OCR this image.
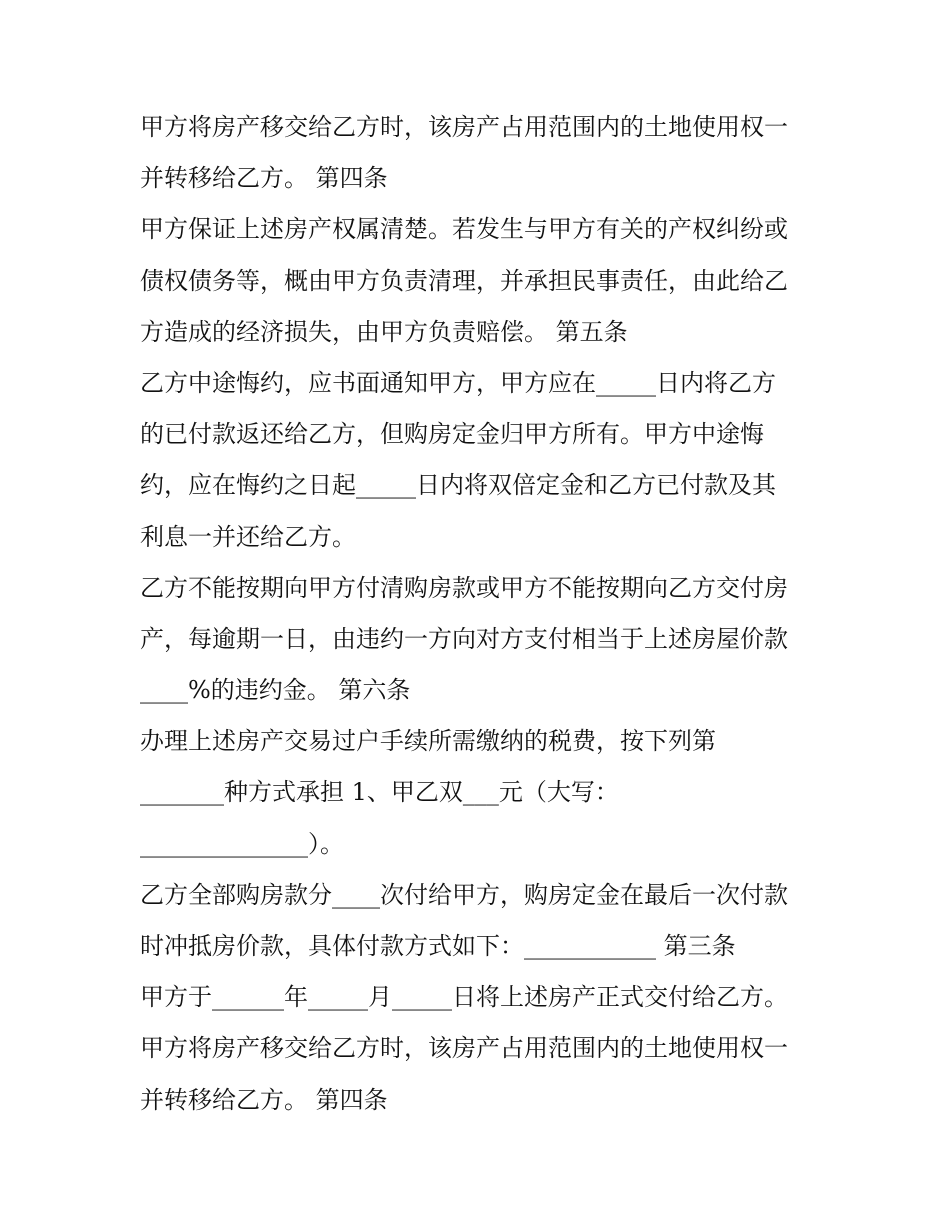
甲方将房产移交给乙方时，该房产占用范围内的土地使用权一
并转移给乙方。 第四条
甲方保证上述房产权属清楚。若发生与甲方有关的产权纠纷或
债权债务等，概由甲方负责清理，并承担民事责任，由此给乙
方造成的经济损失，由甲方负责赔偿。 第五条
乙方中途悔约，应书面通知甲方，甲方应在_____日内将乙方
的已付款返还给乙方，但购房定金归甲方所有。甲方中途悔
约，应在悔约之日起_____日内将双倍定金和乙方已付款及其
利息一并还给乙方。
乙方不能按期向甲方付清购房款或甲方不能按期向乙方交付房
产，每逾期一日，由违约一方向对方支付相当于上述房屋价款
____%的违约金。 第六条
办理上述房产交易过户手续所需缴纳的税费，按下列第
_______种方式承担 1、甲乙双___元（大写：
______________）。
乙方全部购房款分____次付给甲方，购房定金在最后一次付款
时冲抵房价款，具体付款方式如下：___________ 第三条
甲方于______年_____月_____日将上述房产正式交付给乙方。
甲方将房产移交给乙方时，该房产占用范围内的土地使用权一
并转移给乙方。 第四条
